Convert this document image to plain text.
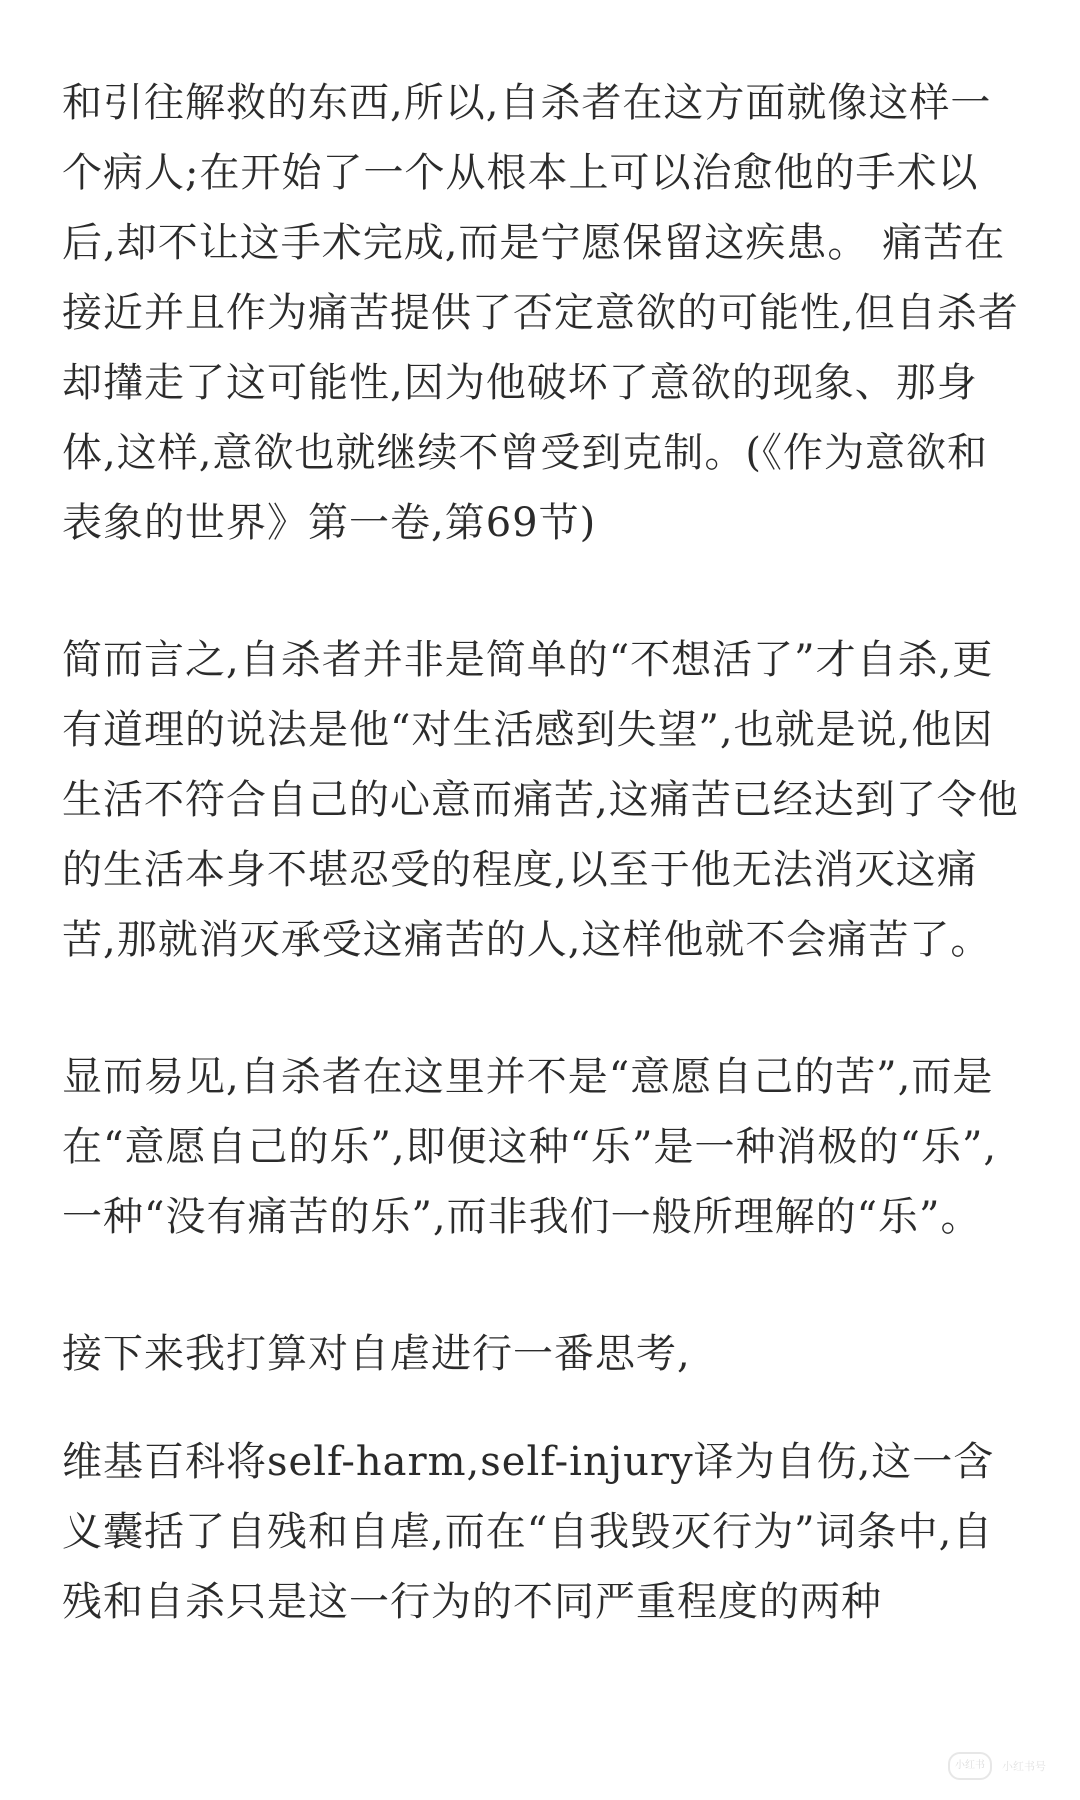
和引往解救的东西,所以,自杀者在这方面就像这样一个病人;在开始了一个从根本上可以治愈他的手术以后,却不让这手术完成,而是宁愿保留这疾患。 痛苦在接近并且作为痛苦提供了否定意欲的可能性,但自杀者却攆走了这可能性,因为他破坏了意欲的现象、那身体,这样,意欲也就继续不曾受到克制。(《作为意欲和表象的世界》第一卷,第69节)

简而言之,自杀者并非是简单的“不想活了”才自杀,更有道理的说法是他“对生活感到失望”,也就是说,他因生活不符合自己的心意而痛苦,这痛苦已经达到了令他的生活本身不堪忍受的程度,以至于他无法消灭这痛苦,那就消灭承受这痛苦的人,这样他就不会痛苦了。

显而易见,自杀者在这里并不是“意愿自己的苦”,而是在“意愿自己的乐”,即便这种“乐”是一种消极的“乐”,一种“没有痛苦的乐”,而非我们一般所理解的“乐”。

接下来我打算对自虐进行一番思考,

维基百科将self-harm,self-injury译为自伤,这一含义囊括了自残和自虐,而在“自我毁灭行为”词条中,自残和自杀只是这一行为的不同严重程度的两种

小红书	小红书号
